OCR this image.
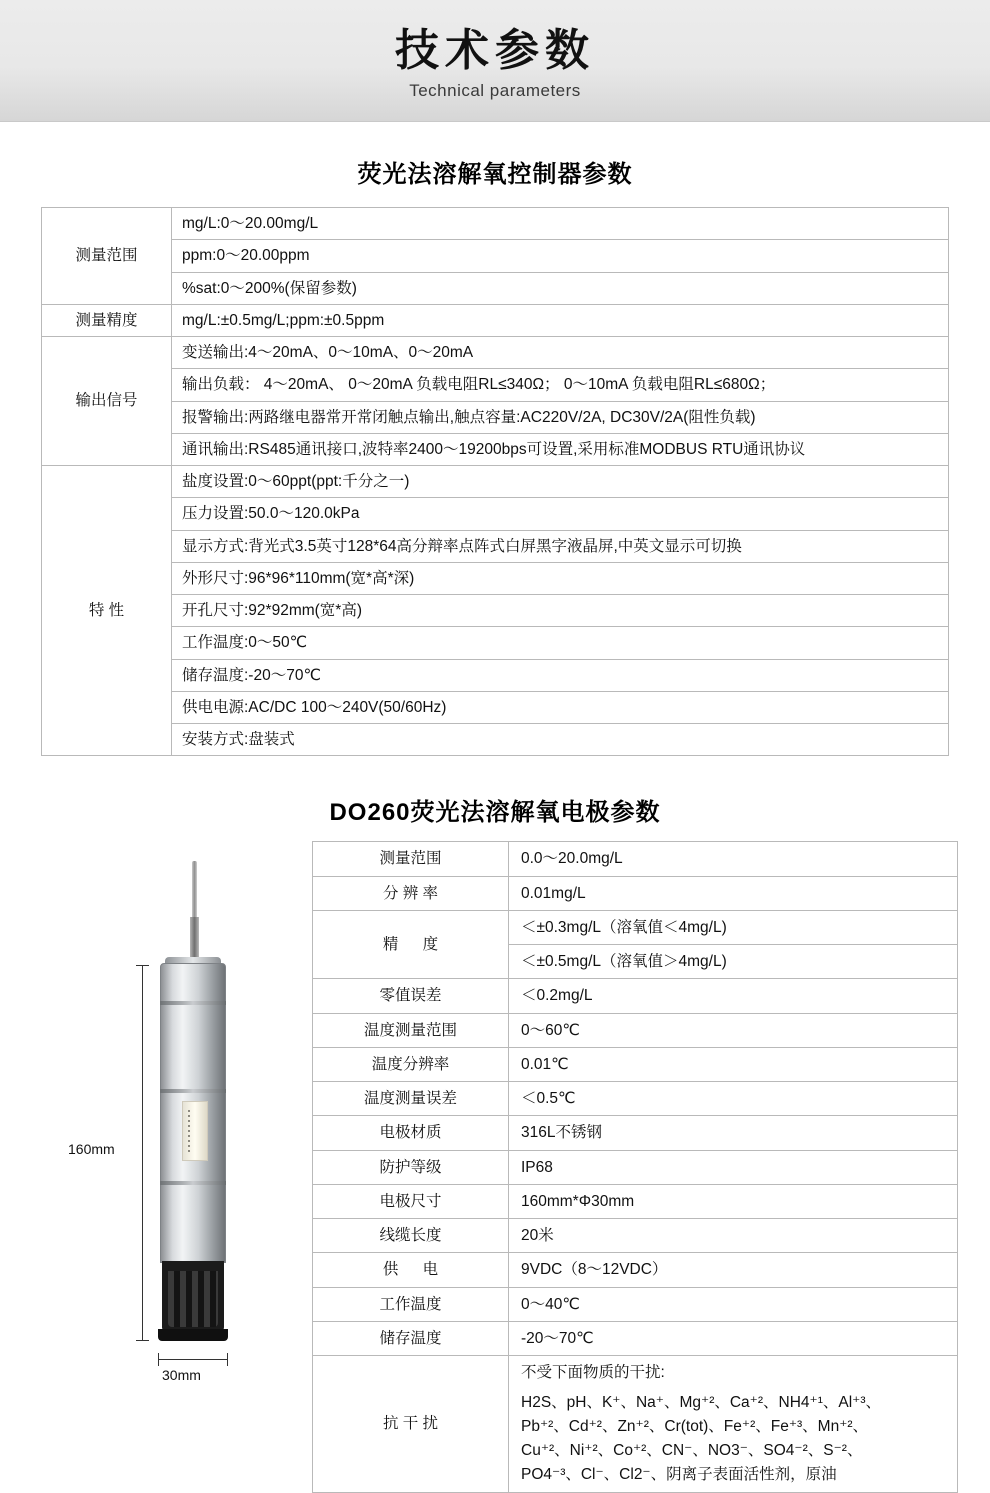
技术参数
Technical parameters
荧光法溶解氧控制器参数
测量范围	mg/L:0～20.00mg/L
	ppm:0～20.00ppm
	%sat:0～200%(保留参数)
测量精度	mg/L:±0.5mg/L;ppm:±0.5ppm
输出信号	变送输出:4～20mA、0～10mA、0～20mA
	输出负载： 4～20mA、 0～20mA 负载电阻RL≤340Ω； 0～10mA 负载电阻RL≤680Ω；
	报警输出:两路继电器常开常闭触点输出,触点容量:AC220V/2A, DC30V/2A(阻性负载)
	通讯输出:RS485通讯接口,波特率2400～19200bps可设置,采用标准MODBUS RTU通讯协议
特 性	盐度设置:0～60ppt(ppt:千分之一)
	压力设置:50.0～120.0kPa
	显示方式:背光式3.5英寸128*64高分辩率点阵式白屏黑字液晶屏,中英文显示可切换
	外形尺寸:96*96*110mm(宽*高*深)
	开孔尺寸:92*92mm(宽*高)
	工作温度:0～50℃
	储存温度:-20～70℃
	供电电源:AC/DC 100～240V(50/60Hz)
	安装方式:盘装式
DO260荧光法溶解氧电极参数
160mm
30mm
测量范围	0.0～20.0mg/L
分 辨 率	0.01mg/L
精 度	＜±0.3mg/L（溶氧值＜4mg/L)
	＜±0.5mg/L（溶氧值＞4mg/L)
零值误差	＜0.2mg/L
温度测量范围	0～60℃
温度分辨率	0.01℃
温度测量误差	＜0.5℃
电极材质	316L不锈钢
防护等级	IP68
电极尺寸	160mm*Φ30mm
线缆长度	20米
供 电	9VDC（8～12VDC）
工作温度	0～40℃
储存温度	-20～70℃
抗 干 扰	不受下面物质的干扰:
H2S、pH、K⁺、Na⁺、Mg⁺²、Ca⁺²、NH4⁺¹、Al⁺³、
Pb⁺²、Cd⁺²、Zn⁺²、Cr(tot)、Fe⁺²、Fe⁺³、Mn⁺²、
Cu⁺²、Ni⁺²、Co⁺²、CN⁻、NO3⁻、SO4⁻²、S⁻²、
PO4⁻³、Cl⁻、Cl2⁻、阴离子表面活性剂，原油
